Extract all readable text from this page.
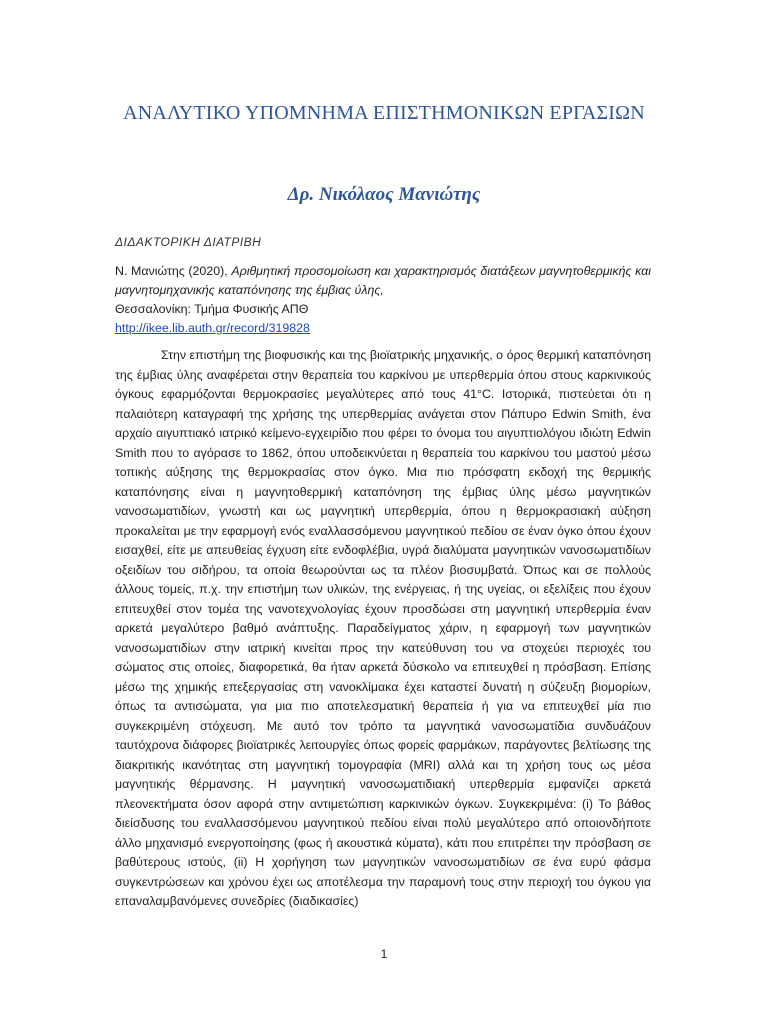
ΑΝΑΛΥΤΙΚΟ ΥΠΟΜΝΗΜΑ ΕΠΙΣΤΗΜΟΝΙΚΩΝ ΕΡΓΑΣΙΩΝ
Δρ. Νικόλαος Μανιώτης
ΔΙΔΑΚΤΟΡΙΚΗ ΔΙΑΤΡΙΒΗ
Ν. Μανιώτης (2020), Αριθμητική προσομοίωση και χαρακτηρισμός διατάξεων μαγνητοθερμικής και μαγνητομηχανικής καταπόνησης της έμβιας ύλης,
Θεσσαλονίκη: Τμήμα Φυσικής ΑΠΘ
http://ikee.lib.auth.gr/record/319828

Στην επιστήμη της βιοφυσικής και της βιοϊατρικής μηχανικής, ο όρος θερμική καταπόνηση της έμβιας ύλης αναφέρεται στην θεραπεία του καρκίνου με υπερθερμία όπου στους καρκινικούς όγκους εφαρμόζονται θερμοκρασίες μεγαλύτερες από τους 41°C. Ιστορικά, πιστεύεται ότι η παλαιότερη καταγραφή της χρήσης της υπερθερμίας ανάγεται στον Πάπυρο Edwin Smith, ένα αρχαίο αιγυπτιακό ιατρικό κείμενο-εγχειρίδιο που φέρει το όνομα του αιγυπτιολόγου ιδιώτη Edwin Smith που το αγόρασε το 1862, όπου υποδεικνύεται η θεραπεία του καρκίνου του μαστού μέσω τοπικής αύξησης της θερμοκρασίας στον όγκο. Μια πιο πρόσφατη εκδοχή της θερμικής καταπόνησης είναι η μαγνητοθερμική καταπόνηση της έμβιας ύλης μέσω μαγνητικών νανοσωματιδίων, γνωστή και ως μαγνητική υπερθερμία, όπου η θερμοκρασιακή αύξηση προκαλείται με την εφαρμογή ενός εναλλασσόμενου μαγνητικού πεδίου σε έναν όγκο όπου έχουν εισαχθεί, είτε με απευθείας έγχυση είτε ενδοφλέβια, υγρά διαλύματα μαγνητικών νανοσωματιδίων οξειδίων του σιδήρου, τα οποία θεωρούνται ως τα πλέον βιοσυμβατά. Όπως και σε πολλούς άλλους τομείς, π.χ. την επιστήμη των υλικών, της ενέργειας, ή της υγείας, οι εξελίξεις που έχουν επιτευχθεί στον τομέα της νανοτεχνολογίας έχουν προσδώσει στη μαγνητική υπερθερμία έναν αρκετά μεγαλύτερο βαθμό ανάπτυξης. Παραδείγματος χάριν, η εφαρμογή των μαγνητικών νανοσωματιδίων στην ιατρική κινείται προς την κατεύθυνση του να στοχεύει περιοχές του σώματος στις οποίες, διαφορετικά, θα ήταν αρκετά δύσκολο να επιτευχθεί η πρόσβαση. Επίσης μέσω της χημικής επεξεργασίας στη νανοκλίμακα έχει καταστεί δυνατή η σύζευξη βιομορίων, όπως τα αντισώματα, για μια πιο αποτελεσματική θεραπεία ή για να επιτευχθεί μία πιο συγκεκριμένη στόχευση. Με αυτό τον τρόπο τα μαγνητικά νανοσωματίδια συνδυάζουν ταυτόχρονα διάφορες βιοϊατρικές λειτουργίες όπως φορείς φαρμάκων, παράγοντες βελτίωσης της διακριτικής ικανότητας στη μαγνητική τομογραφία (MRI) αλλά και τη χρήση τους ως μέσα μαγνητικής θέρμανσης. Η μαγνητική νανοσωματιδιακή υπερθερμία εμφανίζει αρκετά πλεονεκτήματα όσον αφορά στην αντιμετώπιση καρκινικών όγκων. Συγκεκριμένα: (i) Το βάθος διείσδυσης του εναλλασσόμενου μαγνητικού πεδίου είναι πολύ μεγαλύτερο από οποιονδήποτε άλλο μηχανισμό ενεργοποίησης (φως ή ακουστικά κύματα), κάτι που επιτρέπει την πρόσβαση σε βαθύτερους ιστούς, (ii) Η χορήγηση των μαγνητικών νανοσωματιδίων σε ένα ευρύ φάσμα συγκεντρώσεων και χρόνου έχει ως αποτέλεσμα την παραμονή τους στην περιοχή του όγκου για επαναλαμβανόμενες συνεδρίες (διαδικασίες)

1
